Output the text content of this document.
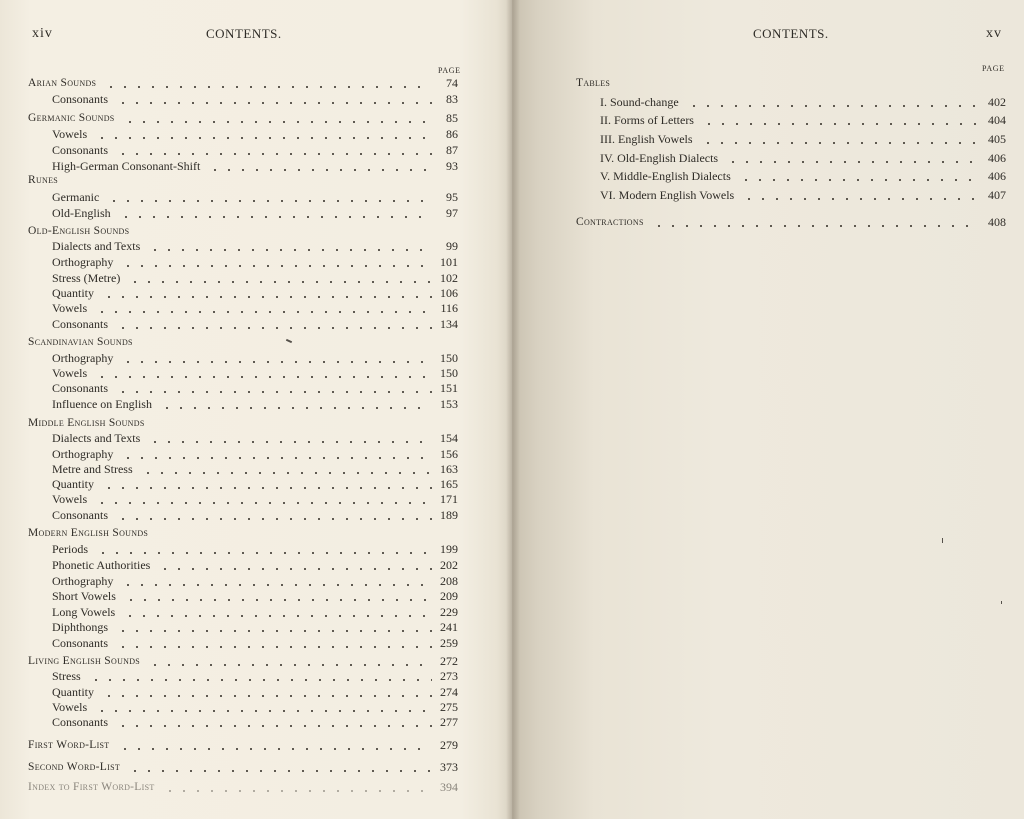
xiv	CONTENTS.
PAGE
Arian Sounds	74
Consonants	83
Germanic Sounds	85
Vowels	86
Consonants	87
High-German Consonant-Shift	93
Runes
Germanic	95
Old-English	97
Old-English Sounds
Dialects and Texts	99
Orthography	101
Stress (Metre)	102
Quantity	106
Vowels	116
Consonants	134
Scandinavian Sounds
Orthography	150
Vowels	150
Consonants	151
Influence on English	153
Middle English Sounds
Dialects and Texts	154
Orthography	156
Metre and Stress	163
Quantity	165
Vowels	171
Consonants	189
Modern English Sounds
Periods	199
Phonetic Authorities	202
Orthography	208
Short Vowels	209
Long Vowels	229
Diphthongs	241
Consonants	259
Living English Sounds	272
Stress	273
Quantity	274
Vowels	275
Consonants	277
First Word-List	279
Second Word-List	373
Index to First Word-List	394
CONTENTS.	xv
PAGE
Tables
I. Sound-change	402
II. Forms of Letters	404
III. English Vowels	405
IV. Old-English Dialects	406
V. Middle-English Dialects	406
VI. Modern English Vowels	407
Contractions	408
